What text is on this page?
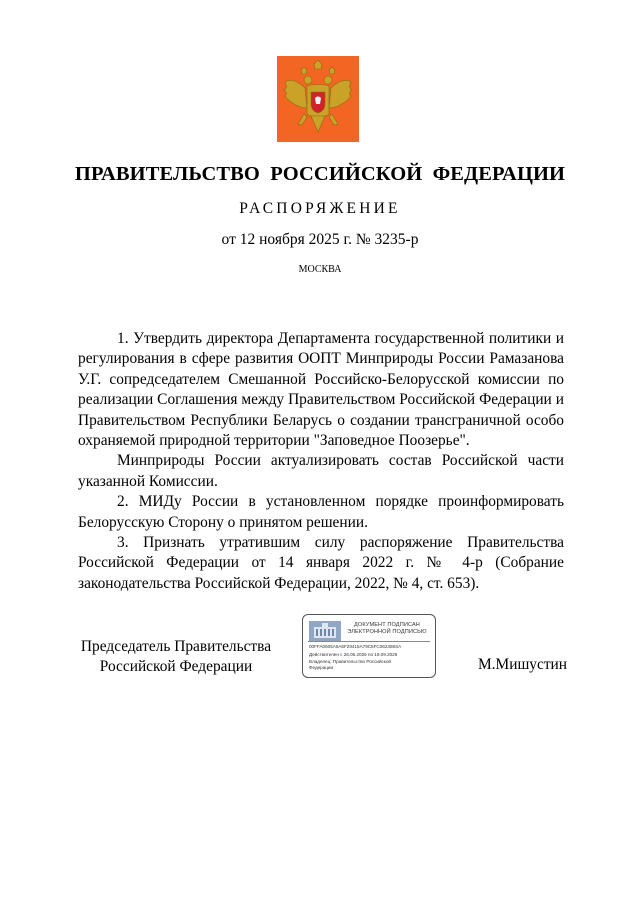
ПРАВИТЕЛЬСТВО РОССИЙСКОЙ ФЕДЕРАЦИИ
РАСПОРЯЖЕНИЕ
от 12 ноября 2025 г. № 3235-р
МОСКВА

1. Утвердить директора Департамента государственной политики и регулирования в сфере развития ООПТ Минприроды России Рамазанова У.Г. сопредседателем Смешанной Российско-Белорусской комиссии по реализации Соглашения между Правительством Российской Федерации и Правительством Республики Беларусь о создании трансграничной особо охраняемой природной территории "Заповедное Поозерье".

Минприроды России актуализировать состав Российской части указанной Комиссии.

2. МИДу России в установленном порядке проинформировать Белорусскую Сторону о принятом решении.

3. Признать утратившим силу распоряжение Правительства Российской Федерации от 14 января 2022 г. № 4-р (Собрание законодательства Российской Федерации, 2022, № 4, ст. 653).

Председатель Правительства
Российской Федерации
ДОКУМЕНТ ПОДПИСАН
ЭЛЕКТРОННОЙ ПОДПИСЬЮ
00FFA0605A5A6F29415A79C5FC062388SA
Действителен с 26.06.2025 по 19.09.2026
Владелец: Правительство Российской
Федерации	М.Мишустин
